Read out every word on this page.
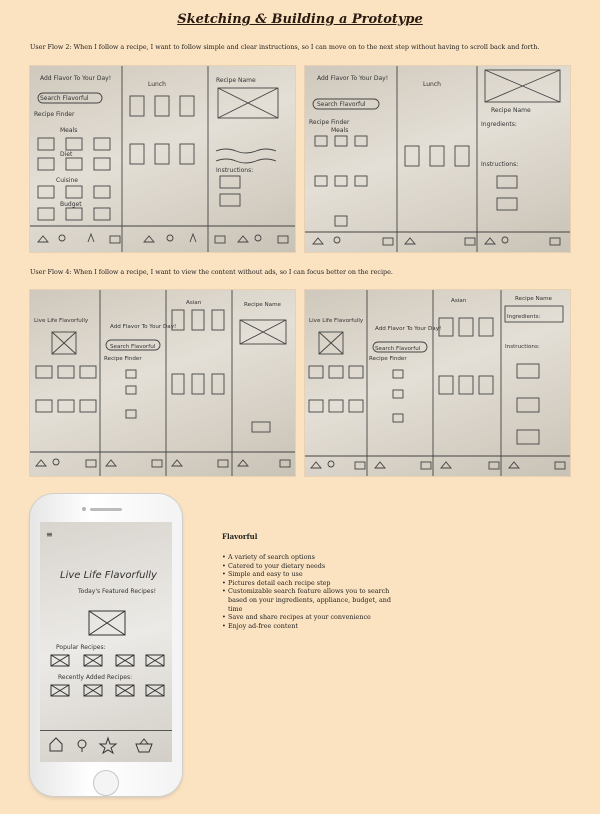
Sketching & Building a Prototype
User Flow 2: When I follow a recipe, I want to follow simple and clear instructions, so I can move on to the next step without having to scroll back and forth.
Add Flavor To Your Day!
Search Flavorful
Recipe Finder
Meals
Diet
Cuisine
Budget
Lunch
Recipe Name
Instructions:
Add Flavor To Your Day!
Search Flavorful
Recipe Finder
Meals
Lunch
Recipe Name
Ingredients:
Instructions:
User Flow 4: When I follow a recipe, I want to view the content without ads, so I can focus better on the recipe.
Live Life Flavorfully
Add Flavor To Your Day!
Search Flavorful
Recipe Finder
Asian	Recipe Name
Live Life Flavorfully
Add Flavor To Your Day!
Search Flavorful
Recipe Finder
Asian	Recipe Name
Ingredients:
Instructions:
≡
Live Life Flavorfully
Today's Featured Recipes!
Popular Recipes:
Recently Added Recipes:
Flavorful
• A variety of search options
• Catered to your dietary needs
• Simple and easy to use
• Pictures detail each recipe step
• Customizable search feature allows you to search based on your ingredients, appliance, budget, and time
• Save and share recipes at your convenience
• Enjoy ad-free content
